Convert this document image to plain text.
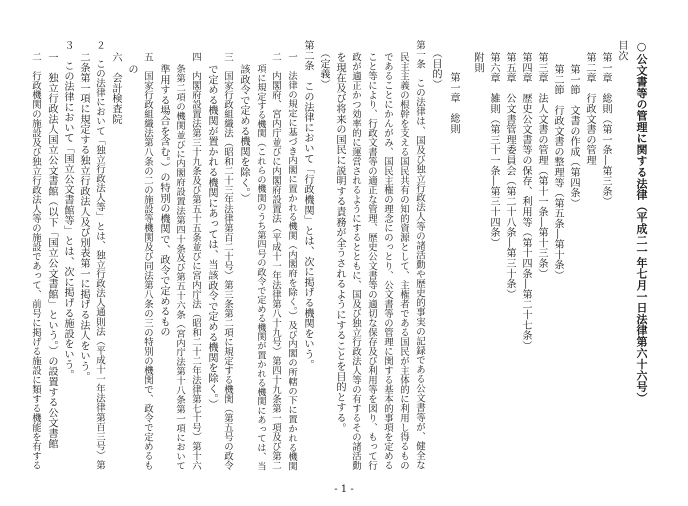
○公文書等の管理に関する法律（平成二一年七月一日法律第六十六号）
目次
第一章　総則（第一条―第三条）
第二章　行政文書の管理
第一節　文書の作成（第四条）
第二節　行政文書の整理等（第五条―第十条）
第三章　法人文書の管理（第十一条―第十三条）
第四章　歴史公文書等の保存、利用等（第十四条―第二十七条）
第五章　公文書管理委員会（第二十八条―第三十条）
第六章　雑則（第三十一条―第三十四条）
附則
第一章　総則
（目的）
第一条　この法律は、国及び独立行政法人等の諸活動や歴史的事実の記録である公文書等が、健全な
民主主義の根幹を支える国民共有の知的資源として、主権者である国民が主体的に利用し得るもの
であることにかんがみ、国民主権の理念にのっとり、公文書等の管理に関する基本的事項を定める
こと等により、行政文書等の適正な管理、歴史公文書等の適切な保存及び利用等を図り、もって行
政が適正かつ効率的に運営されるようにするとともに、国及び独立行政法人等の有するその諸活動
を現在及び将来の国民に説明する責務が全うされるようにすることを目的とする。
（定義）
第二条　この法律において「行政機関」とは、次に掲げる機関をいう。
一　法律の規定に基づき内閣に置かれる機関（内閣府を除く。）及び内閣の所轄の下に置かれる機関
二　内閣府、宮内庁並びに内閣府設置法（平成十一年法律第八十九号）第四十九条第一項及び第二
項に規定する機関（これらの機関のうち第四号の政令で定める機関が置かれる機関にあっては、当
該政令で定める機関を除く。）
三　国家行政組織法（昭和二十三年法律第百二十号）第三条第二項に規定する機関（第五号の政令
で定める機関が置かれる機関にあっては、当該政令で定める機関を除く。）
四　内閣府設置法第三十九条及び第五十五条並びに宮内庁法（昭和二十二年法律第七十号）第十六
条第二項の機関並びに内閣府設置法第四十条及び第五十六条（宮内庁法第十八条第一項において
準用する場合を含む。）の特別の機関で、政令で定めるもの
五　国家行政組織法第八条の二の施設等機関及び同法第八条の三の特別の機関で、政令で定めるも
の
六　会計検査院
２　この法律において「独立行政法人等」とは、独立行政法人通則法（平成十一年法律第百三号）第
二条第一項に規定する独立行政法人及び別表第一に掲げる法人をいう。
３　この法律において「国立公文書館等」とは、次に掲げる施設をいう。
一　独立行政法人国立公文書館（以下「国立公文書館」という。）の設置する公文書館
二　行政機関の施設及び独立行政法人等の施設であって、前号に掲げる施設に類する機能を有する
- 1 -
